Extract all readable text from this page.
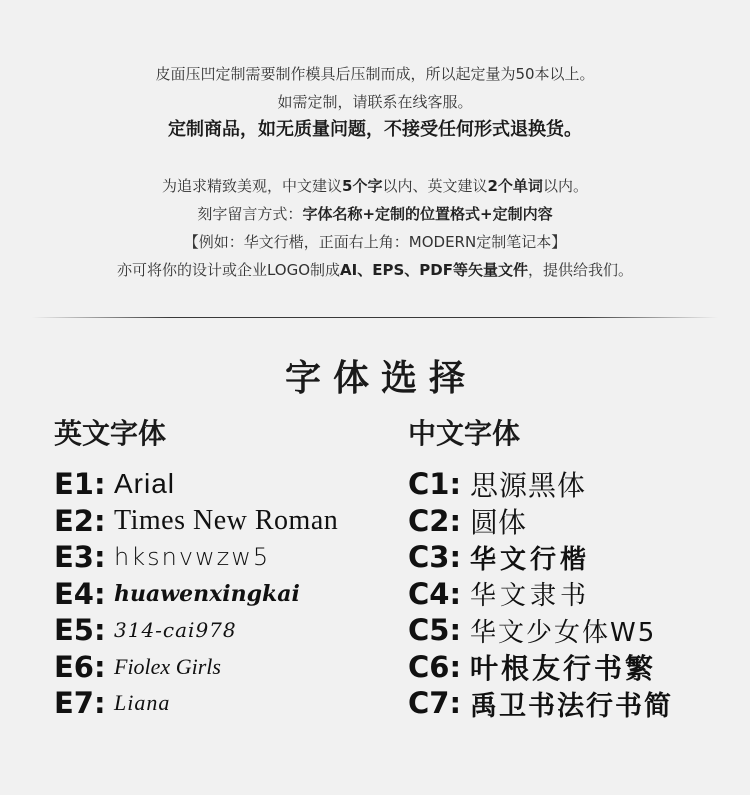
皮面压凹定制需要制作模具后压制而成，所以起定量为50本以上。
如需定制，请联系在线客服。
定制商品，如无质量问题，不接受任何形式退换货。
为追求精致美观，中文建议5个字以内、英文建议2个单词以内。
刻字留言方式：字体名称+定制的位置格式+定制内容
【例如：华文行楷，正面右上角：MODERN定制笔记本】
亦可将你的设计或企业LOGO制成AI、EPS、PDF等矢量文件，提供给我们。
字体选择
英文字体
E1: Arial
E2: Times New Roman
E3: hksnvwzw5
E4: huawenxingkai
E5: 314-cai978
E6: Fiolex Girls
E7: Liana
中文字体
C1: 思源黑体
C2: 圆体
C3: 华文行楷
C4: 华文隶书
C5: 华文少女体W5
C6: 叶根友行书繁
C7: 禹卫书法行书简
